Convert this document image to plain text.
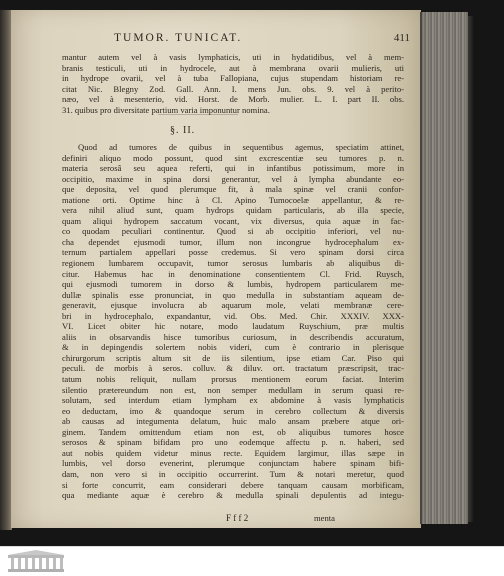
TUMOR. TUNICAT.	411
mantur autem vel à vasis lymphaticis, uti in hydatidibus, vel à mem-
branis testiculi, uti in hydrocele, aut à membrana ovarii mulieris, uti
in hydrope ovarii, vel à tuba Fallopiana, cujus stupendam historiam re-
citat Nic. Blegny Zod. Gall. Ann. I. mens Jun. obs. 9. vel à perito-
næo, vel à mesenterio, vid. Horst. de Morb. mulier. L. I. part II. obs.
31. quibus pro diversitate partium varia imponuntur nomina.
§. II.
Quod ad tumores de quibus in sequentibus agemus, speciatim attinet,
definiri aliquo modo possunt, quod sint excrescentiæ seu tumores p. n.
materia serosâ seu aquea referti, qui in infantibus potissimum, more in
occipitio, maxime in spina dorsi generantur, vel à lympha abundante eo-
que deposita, vel quod plerumque fit, à mala spinæ vel cranii confor-
matione orti. Optime hinc à Cl. Apino Tumocoelæ appellantur, & re-
vera nihil aliud sunt, quam hydrops quidam particularis, ab illa specie,
quam aliqui hydropem saccatum vocant, vix diversus, quia aquæ in fac-
co quodam peculiari continentur. Quod si ab occipitio inferiori, vel nu-
cha dependet ejusmodi tumor, illum non incongrue hydrocephalum ex-
ternum partialem appellari posse credemus. Si vero spinam dorsi circa
regionem lumbarem occupavit, tumor serosus lumbaris ab aliquibus di-
citur. Habemus hac in denominatione consentientem Cl. Frid. Ruysch,
qui ejusmodi tumorem in dorso & lumbis, hydropem particularem me-
dullæ spinalis esse pronunciat, in quo medulla in substantiam aqueam de-
generavit, ejusque involucra ab aquarum mole, velati membranæ cere-
bri in hydrocephalo, expandantur, vid. Obs. Med. Chir. XXXIV. XXX-
VI. Licet obiter hic notare, modo laudatum Ruyschium, præ multis
aliis in obsarvandis hisce tumoribus curiosum, in describendis accuratum,
& in depingendis solertem nobis videri, cum è contrario in plerisque
chirurgorum scriptis altum sit de iis silentium, ipse etiam Car. Piso qui
peculi. de morbis à seros. colluv. & diluv. ort. tractatum præscripsit, trac-
tatum nobis reliquit, nullam prorsus mentionem eorum faciat. Interim
silentio prætereundum non est, non semper medullam in serum quasi re-
solutam, sed interdum etiam lympham ex abdomine à vasis lymphaticis
eo deductam, imo & quandoque serum in cerebro collectum & diversis
ab causas ad integumenta delatum, huic malo ansam præbere atque ori-
ginem. Tandem omittendum etiam non est, ob aliquibus tumores hosce
serosos & spinam bifidam pro uno eodemque affectu p. n. haberi, sed
aut nobis quidem videtur minus recte. Equidem largimur, illas sæpe in
lumbis, vel dorso evenerint, plerumque conjunctam habere spinam bifi-
dam, non vero si in occipitio occurrerint. Tum & notari meretur, quod
si forte concurrit, eam considerari debere tanquam causam morbificam,
qua mediante aquæ è cerebro & medulla spinali depulentis ad integu-
F f f 2	menta
